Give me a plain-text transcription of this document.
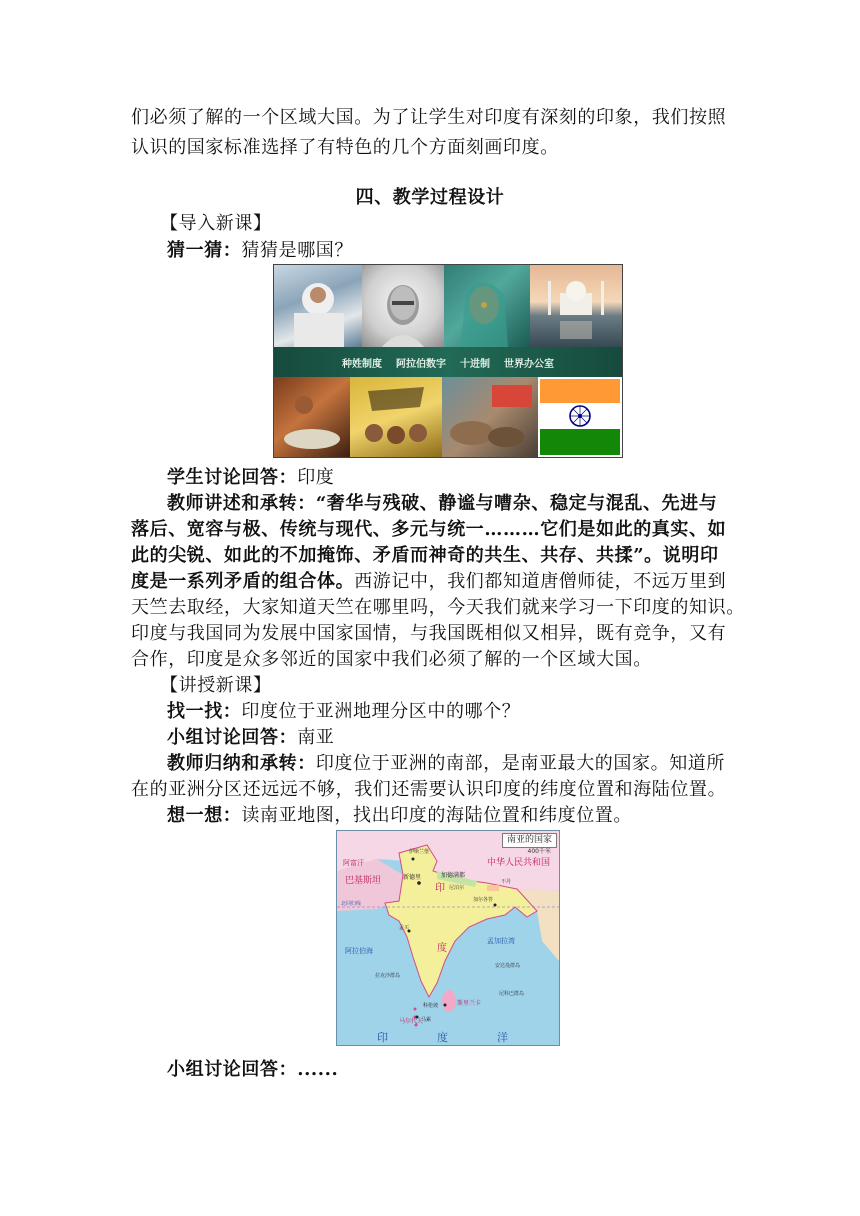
们必须了解的一个区域大国。为了让学生对印度有深刻的印象，我们按照
认识的国家标准选择了有特色的几个方面刻画印度。
四、教学过程设计
【导入新课】
猜一猜：猜猜是哪国？
种姓制度 阿拉伯数字 十进制 世界办公室
学生讨论回答：印度
教师讲述和承转：“奢华与残破、静谧与嘈杂、稳定与混乱、先进与
落后、宽容与极、传统与现代、多元与统一………它们是如此的真实、如
此的尖锐、如此的不加掩饰、矛盾而神奇的共生、共存、共揉”。说明印
度是一系列矛盾的组合体。西游记中，我们都知道唐僧师徒，不远万里到
天竺去取经，大家知道天竺在哪里吗，今天我们就来学习一下印度的知识。
印度与我国同为发展中国家国情，与我国既相似又相异，既有竞争，又有
合作，印度是众多邻近的国家中我们必须了解的一个区域大国。
【讲授新课】
找一找：印度位于亚洲地理分区中的哪个？
小组讨论回答：南亚
教师归纳和承转：印度位于亚洲的南部，是南亚最大的国家。知道所
在的亚洲分区还远远不够，我们还需要认识印度的纬度位置和海陆位置。
想一想：读南亚地图，找出印度的海陆位置和纬度位置。
中华人民共和国
阿富汗
巴基斯坦	新德里
伊斯兰堡
加德满都
尼泊尔
不丹
加尔各答
孟买
印
度
阿拉伯海
孟加拉湾
安达曼群岛
尼科巴群岛
斯里兰卡
科伦坡
马尔代夫
马累
拉克沙群岛
北回归线
印	度	洋
南亚的国家
400千米
小组讨论回答：......
